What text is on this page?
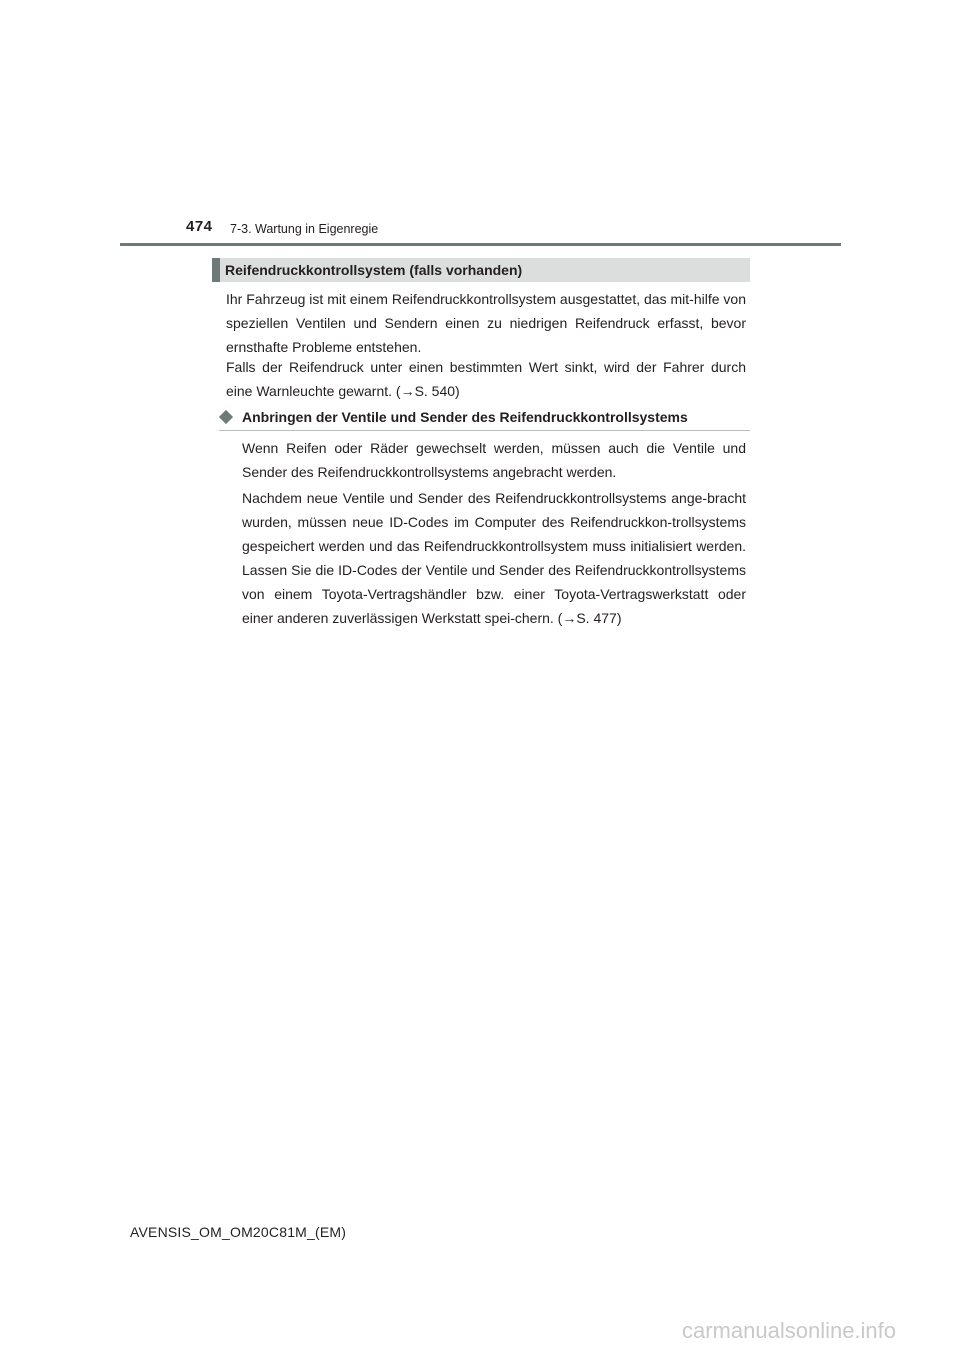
474 7-3. Wartung in Eigenregie
Reifendruckkontrollsystem (falls vorhanden)

Ihr Fahrzeug ist mit einem Reifendruckkontrollsystem ausgestattet, das mit-hilfe von speziellen Ventilen und Sendern einen zu niedrigen Reifendruck erfasst, bevor ernsthafte Probleme entstehen.

Falls der Reifendruck unter einen bestimmten Wert sinkt, wird der Fahrer durch eine Warnleuchte gewarnt. (→S. 540)

Anbringen der Ventile und Sender des Reifendruckkontrollsystems

Wenn Reifen oder Räder gewechselt werden, müssen auch die Ventile und Sender des Reifendruckkontrollsystems angebracht werden.

Nachdem neue Ventile und Sender des Reifendruckkontrollsystems ange-bracht wurden, müssen neue ID-Codes im Computer des Reifendruckkon-trollsystems gespeichert werden und das Reifendruckkontrollsystem muss initialisiert werden. Lassen Sie die ID-Codes der Ventile und Sender des Reifendruckkontrollsystems von einem Toyota-Vertragshändler bzw. einer Toyota-Vertragswerkstatt oder einer anderen zuverlässigen Werkstatt spei-chern. (→S. 477)

AVENSIS_OM_OM20C81M_(EM)
carmanualsonline.info
